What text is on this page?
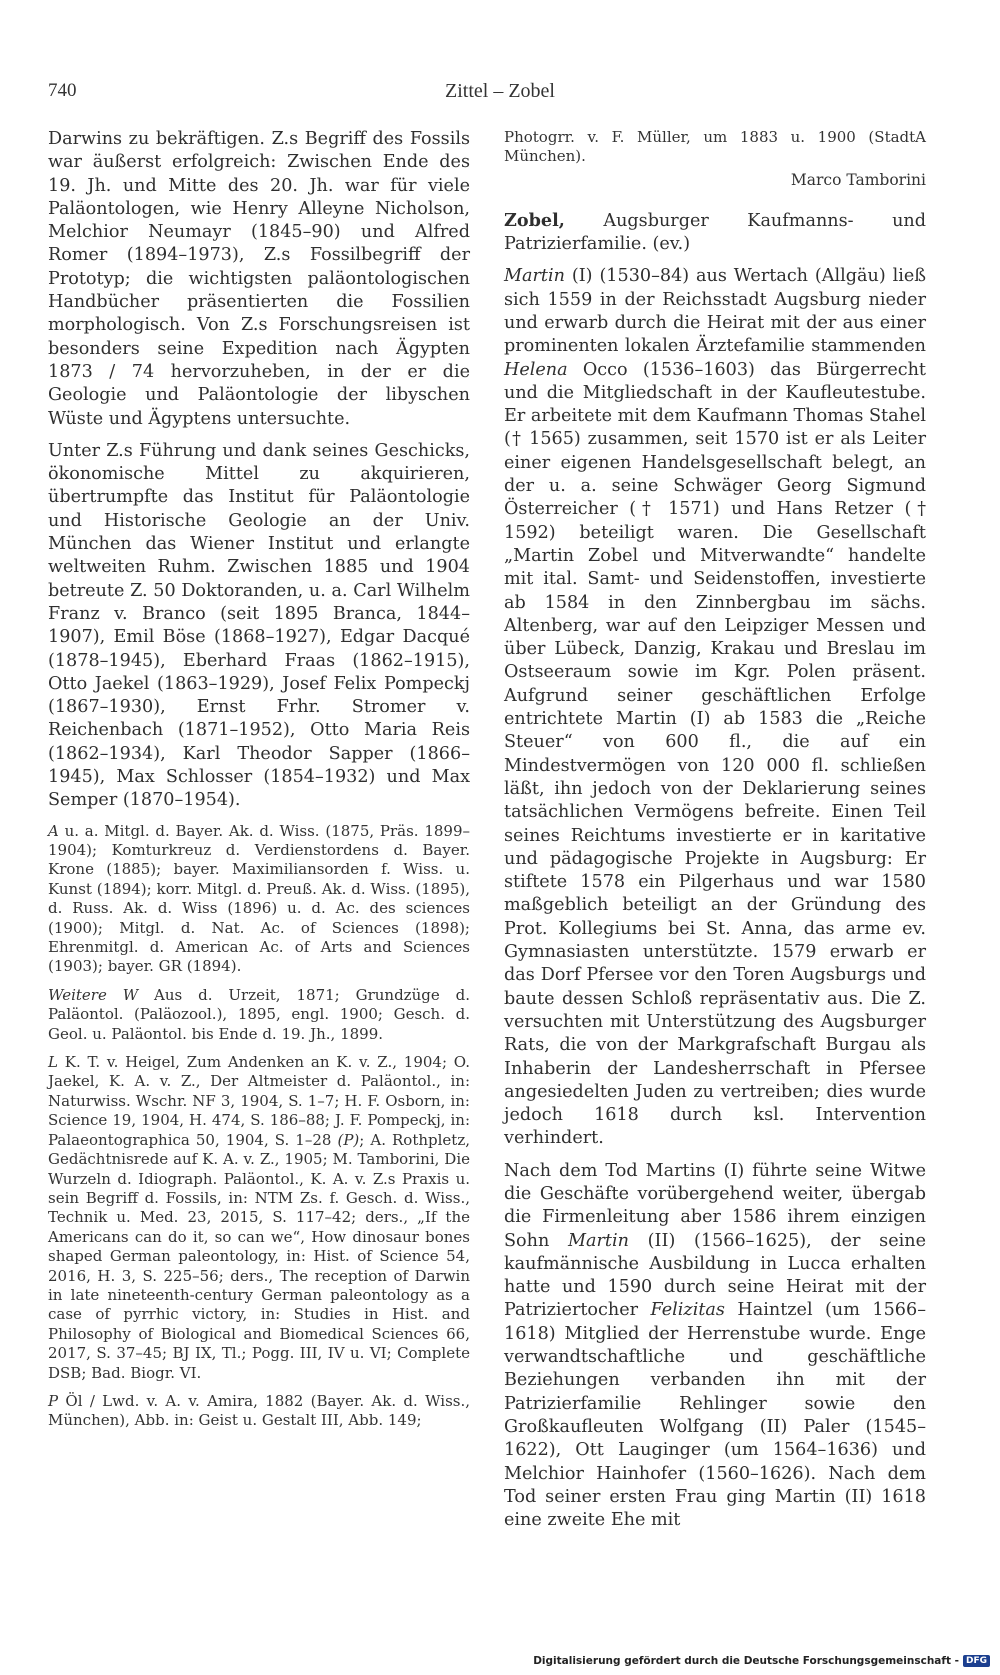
740	Zittel – Zobel

Darwins zu bekräftigen. Z.s Begriff des Fossils war äußerst erfolgreich: Zwischen Ende des 19. Jh. und Mitte des 20. Jh. war für viele Paläontologen, wie Henry Alleyne Nicholson, Melchior Neumayr (1845–90) und Alfred Romer (1894–1973), Z.s Fossilbegriff der Prototyp; die wichtigsten paläontologischen Handbücher präsentierten die Fossilien morphologisch. Von Z.s Forschungsreisen ist besonders seine Expedition nach Ägypten 1873 / 74 hervorzuheben, in der er die Geologie und Paläontologie der libyschen Wüste und Ägyptens untersuchte.

Unter Z.s Führung und dank seines Geschicks, ökonomische Mittel zu akquirieren, übertrumpfte das Institut für Paläontologie und Historische Geologie an der Univ. München das Wiener Institut und erlangte weltweiten Ruhm. Zwischen 1885 und 1904 betreute Z. 50 Doktoranden, u. a. Carl Wilhelm Franz v. Branco (seit 1895 Branca, 1844–1907), Emil Böse (1868–1927), Edgar Dacqué (1878–1945), Eberhard Fraas (1862–1915), Otto Jaekel (1863–1929), Josef Felix Pompeckj (1867–1930), Ernst Frhr. Stromer v. Reichenbach (1871–1952), Otto Maria Reis (1862–1934), Karl Theodor Sapper (1866–1945), Max Schlosser (1854–1932) und Max Semper (1870–1954).

A u. a. Mitgl. d. Bayer. Ak. d. Wiss. (1875, Präs. 1899–1904); Komturkreuz d. Verdienstordens d. Bayer. Krone (1885); bayer. Maximiliansorden f. Wiss. u. Kunst (1894); korr. Mitgl. d. Preuß. Ak. d. Wiss. (1895), d. Russ. Ak. d. Wiss (1896) u. d. Ac. des sciences (1900); Mitgl. d. Nat. Ac. of Sciences (1898); Ehrenmitgl. d. American Ac. of Arts and Sciences (1903); bayer. GR (1894).

Weitere W Aus d. Urzeit, 1871; Grundzüge d. Paläontol. (Paläozool.), 1895, engl. 1900; Gesch. d. Geol. u. Paläontol. bis Ende d. 19. Jh., 1899.

L K. T. v. Heigel, Zum Andenken an K. v. Z., 1904; O. Jaekel, K. A. v. Z., Der Altmeister d. Paläontol., in: Naturwiss. Wschr. NF 3, 1904, S. 1–7; H. F. Osborn, in: Science 19, 1904, H. 474, S. 186–88; J. F. Pompeckj, in: Palaeontographica 50, 1904, S. 1–28 (P); A. Rothpletz, Gedächtnisrede auf K. A. v. Z., 1905; M. Tamborini, Die Wurzeln d. Idiograph. Paläontol., K. A. v. Z.s Praxis u. sein Begriff d. Fossils, in: NTM Zs. f. Gesch. d. Wiss., Technik u. Med. 23, 2015, S. 117–42; ders., „If the Americans can do it, so can we“, How dinosaur bones shaped German paleontology, in: Hist. of Science 54, 2016, H. 3, S. 225–56; ders., The reception of Darwin in late nineteenth-century German paleontology as a case of pyrrhic victory, in: Studies in Hist. and Philosophy of Biological and Biomedical Sciences 66, 2017, S. 37–45; BJ IX, Tl.; Pogg. III, IV u. VI; Complete DSB; Bad. Biogr. VI.

P Öl / Lwd. v. A. v. Amira, 1882 (Bayer. Ak. d. Wiss., München), Abb. in: Geist u. Gestalt III, Abb. 149;

Photogrr. v. F. Müller, um 1883 u. 1900 (StadtA München).

Marco Tamborini

Zobel, Augsburger Kaufmanns- und Patrizierfamilie. (ev.)

Martin (I) (1530–84) aus Wertach (Allgäu) ließ sich 1559 in der Reichsstadt Augsburg nieder und erwarb durch die Heirat mit der aus einer prominenten lokalen Ärztefamilie stammenden Helena Occo (1536–1603) das Bürgerrecht und die Mitgliedschaft in der Kaufleutestube. Er arbeitete mit dem Kaufmann Thomas Stahel († 1565) zusammen, seit 1570 ist er als Leiter einer eigenen Handelsgesellschaft belegt, an der u. a. seine Schwäger Georg Sigmund Österreicher († 1571) und Hans Retzer († 1592) beteiligt waren. Die Gesellschaft „Martin Zobel und Mitverwandte“ handelte mit ital. Samt- und Seidenstoffen, investierte ab 1584 in den Zinnbergbau im sächs. Altenberg, war auf den Leipziger Messen und über Lübeck, Danzig, Krakau und Breslau im Ostseeraum sowie im Kgr. Polen präsent. Aufgrund seiner geschäftlichen Erfolge entrichtete Martin (I) ab 1583 die „Reiche Steuer“ von 600 fl., die auf ein Mindestvermögen von 120 000 fl. schließen läßt, ihn jedoch von der Deklarierung seines tatsächlichen Vermögens befreite. Einen Teil seines Reichtums investierte er in karitative und pädagogische Projekte in Augsburg: Er stiftete 1578 ein Pilgerhaus und war 1580 maßgeblich beteiligt an der Gründung des Prot. Kollegiums bei St. Anna, das arme ev. Gymnasiasten unterstützte. 1579 erwarb er das Dorf Pfersee vor den Toren Augsburgs und baute dessen Schloß repräsentativ aus. Die Z. versuchten mit Unterstützung des Augsburger Rats, die von der Markgrafschaft Burgau als Inhaberin der Landesherrschaft in Pfersee angesiedelten Juden zu vertreiben; dies wurde jedoch 1618 durch ksl. Intervention verhindert.

Nach dem Tod Martins (I) führte seine Witwe die Geschäfte vorübergehend weiter, übergab die Firmenleitung aber 1586 ihrem einzigen Sohn Martin (II) (1566–1625), der seine kaufmännische Ausbildung in Lucca erhalten hatte und 1590 durch seine Heirat mit der Patriziertocher Felizitas Haintzel (um 1566–1618) Mitglied der Herrenstube wurde. Enge verwandtschaftliche und geschäftliche Beziehungen verbanden ihn mit der Patrizierfamilie Rehlinger sowie den Großkaufleuten Wolfgang (II) Paler (1545–1622), Ott Lauginger (um 1564–1636) und Melchior Hainhofer (1560–1626). Nach dem Tod seiner ersten Frau ging Martin (II) 1618 eine zweite Ehe mit

Digitalisierung gefördert durch die Deutsche Forschungsgemeinschaft - DFG
